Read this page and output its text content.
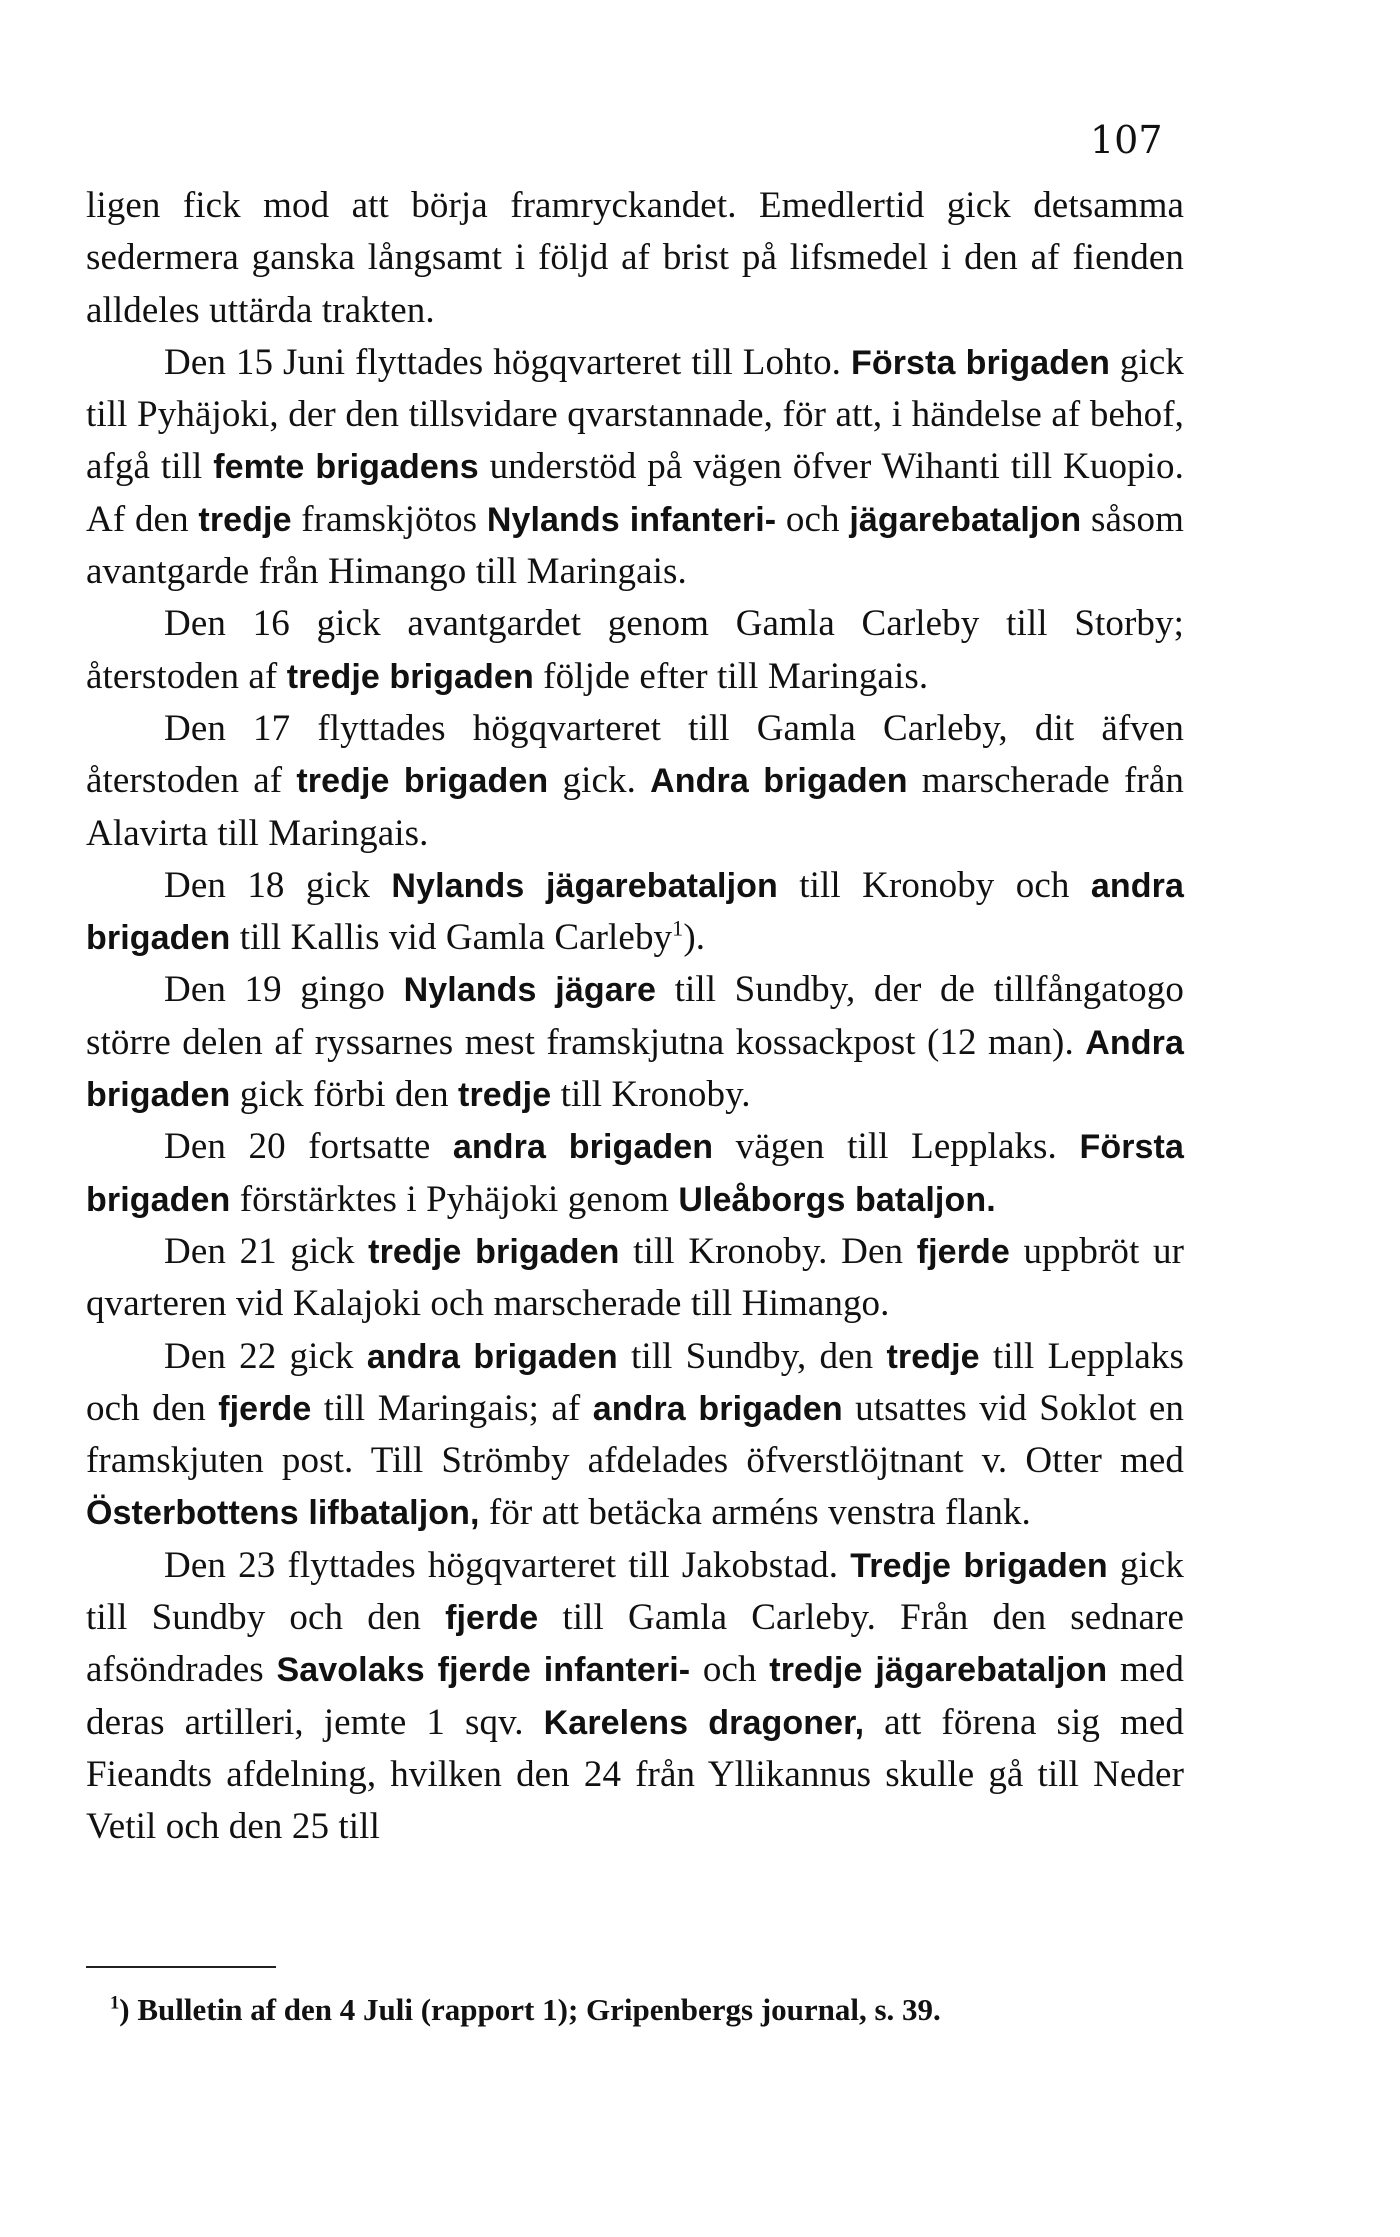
107

ligen fick mod att börja framryckandet. Emedlertid gick detsamma sedermera ganska långsamt i följd af brist på lifsmedel i den af fienden alldeles uttärda trakten.

Den 15 Juni flyttades högqvarteret till Lohto. Första brigaden gick till Pyhäjoki, der den tillsvidare qvarstannade, för att, i händelse af behof, afgå till femte brigadens understöd på vägen öfver Wihanti till Kuopio. Af den tredje framskjötos Nylands infanteri- och jägarebataljon såsom avantgarde från Himango till Maringais.

Den 16 gick avantgardet genom Gamla Carleby till Storby; återstoden af tredje brigaden följde efter till Maringais.

Den 17 flyttades högqvarteret till Gamla Carleby, dit äfven återstoden af tredje brigaden gick. Andra brigaden marscherade från Alavirta till Maringais.

Den 18 gick Nylands jägarebataljon till Kronoby och andra brigaden till Kallis vid Gamla Carleby$^1$).

Den 19 gingo Nylands jägare till Sundby, der de tillfångatogo större delen af ryssarnes mest framskjutna kossackpost (12 man). Andra brigaden gick förbi den tredje till Kronoby.

Den 20 fortsatte andra brigaden vägen till Lepplaks. Första brigaden förstärktes i Pyhäjoki genom Uleåborgs bataljon.

Den 21 gick tredje brigaden till Kronoby. Den fjerde uppbröt ur qvarteren vid Kalajoki och marscherade till Himango.

Den 22 gick andra brigaden till Sundby, den tredje till Lepplaks och den fjerde till Maringais; af andra brigaden utsattes vid Soklot en framskjuten post. Till Strömby afdelades öfverstlöjtnant v. Otter med Österbottens lifbataljon, för att betäcka arméns venstra flank.

Den 23 flyttades högqvarteret till Jakobstad. Tredje brigaden gick till Sundby och den fjerde till Gamla Carleby. Från den sednare afsöndrades Savolaks fjerde infanteri- och tredje jägarebataljon med deras artilleri, jemte 1 sqv. Karelens dragoner, att förena sig med Fieandts afdelning, hvilken den 24 från Yllikannus skulle gå till Neder Vetil och den 25 till

$^1$) Bulletin af den 4 Juli (rapport 1); Gripenbergs journal, s. 39.
